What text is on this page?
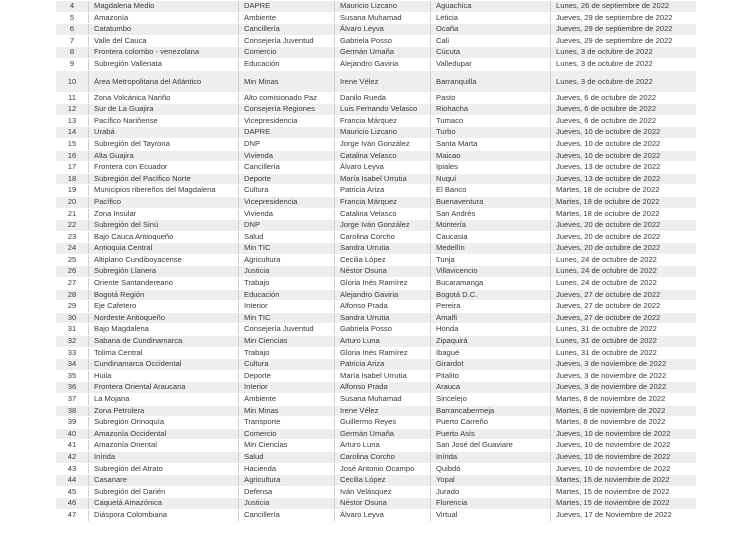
4	Magdalena Medio	DAPRE	Mauricio Lizcano	Aguachica	Lunes, 26 de septiembre de 2022
5	Amazonía	Ambiente	Susana Muhamad	Leticia	Jueves, 29 de septiembre de 2022
6	Catatumbo	Cancillería	Álvaro Leyva	Ocaña	Jueves, 29 de septiembre de 2022
7	Valle del Cauca	Consejería Juventud	Gabriela Posso	Cali	Jueves, 29 de septiembre de 2022
8	Frontera colombo - venezolana	Comercio	Germán Umaña	Cúcuta	Lunes, 3 de octubre de 2022
9	Subregión Vallenata	Educación	Alejandro Gaviria	Valledupar	Lunes, 3 de octubre de 2022
10	Área Metropolitana del Atlántico	Min Minas	Irene Vélez	Barranquilla	Lunes, 3 de octubre de 2022
11	Zona Volcánica Nariño	Alto comisionado Paz	Danilo Rueda	Pasto	Jueves, 6 de octubre de 2022
12	Sur de La Guajira	Consejería Regiones	Luis Fernando Velasco	Riohacha	Jueves, 6 de octubre de 2022
13	Pacífico Nariñense	Vicepresidencia	Francia Márquez	Tumaco	Jueves, 6 de octubre de 2022
14	Urabá	DAPRE	Mauricio Lizcano	Turbo	Jueves, 10 de octubre de 2022
15	Subregión del Tayrona	DNP	Jorge Iván González	Santa Marta	Jueves, 10 de octubre de 2022
16	Alta Guajira	Vivienda	Catalina Velasco	Maicao	Jueves, 10 de octubre de 2022
17	Frontera con Ecuador	Cancillería	Álvaro Leyva	Ipiales	Jueves, 13 de octubre de 2022
18	Subregión del Pacífico Norte	Deporte	María Isabel Urrutia	Nuquí	Jueves, 13 de octubre de 2022
19	Municipios ribereños del Magdalena	Cultura	Patricia Ariza	El Banco	Martes, 18 de octubre de 2022
20	Pacífico	Vicepresidencia	Francia Márquez	Buenaventura	Martes, 18 de octubre de 2022
21	Zona Insular	Vivienda	Catalina Velasco	San Andrés	Martes, 18 de octubre de 2022
22	Subregión del Sinú	DNP	Jorge Iván González	Montería	Jueves, 20 de octubre de 2022
23	Bajo Cauca Antioqueño	Salud	Carolina Corcho	Caucasia	Jueves, 20 de octubre de 2022
24	Antioquia Central	Min TIC	Sandra Urrutia	Medellín	Jueves, 20 de octubre de 2022
25	Altiplano Cundiboyacense	Agricultura	Cecilia López	Tunja	Lunes, 24 de octubre de 2022
26	Subregión Llanera	Justicia	Néstor Osuna	Villavicencio	Lunes, 24 de octubre de 2022
27	Oriente Santandereano	Trabajo	Gloria Inés Ramírez	Bucaramanga	Lunes, 24 de octubre de 2022
28	Bogotá Región	Educación	Alejandro Gaviria	Bogotá D.C.	Jueves, 27 de octubre de 2022
29	Eje Cafetero	Interior	Alfonso Prada	Pereira	Jueves, 27 de octubre de 2022
30	Nordeste Antioqueño	Min TIC	Sandra Urrutia	Amalfi	Jueves, 27 de octubre de 2022
31	Bajo Magdalena	Consejería Juventud	Gabriela Posso	Honda	Lunes, 31 de octubre de 2022
32	Sabana de Cundinamarca	Min Ciencias	Arturo Luna	Zipaquirá	Lunes, 31 de octubre de 2022
33	Tolima Central	Trabajo	Gloria Inés Ramírez	Ibagué	Lunes, 31 de octubre de 2022
34	Cundinamarca Occidental	Cultura	Patricia Ariza	Girardot	Jueves, 3 de noviembre de 2022
35	Huila	Deporte	María Isabel Urrutia	Pitalito	Jueves, 3 de noviembre de 2022
36	Frontera Oriental Araucana	Interior	Alfonso Prada	Arauca	Jueves, 3 de noviembre de 2022
37	La Mojana	Ambiente	Susana Muhamad	Sincelejo	Martes, 8 de noviembre de 2022
38	Zona Petrolera	Min Minas	Irene Vélez	Barrancabermeja	Martes, 8 de noviembre de 2022
39	Subregión Orinoquía	Transporte	Guillermo Reyes	Puerto Carreño	Martes, 8 de noviembre de 2022
40	Amazonía Occidental	Comercio	Germán Umaña	Puerto Asís	Jueves, 10 de noviembre de 2022
41	Amazonía Oriental	Min Ciencias	Arturo Luna	San José del Guaviare	Jueves, 10 de noviembre de 2022
42	Inírida	Salud	Carolina Corcho	Inírida	Jueves, 10 de noviembre de 2022
43	Subregión del Atrato	Hacienda	José Antonio Ocampo	Quibdó	Jueves, 10 de noviembre de 2022
44	Casanare	Agricultura	Cecilia López	Yopal	Martes, 15 de noviembre de 2022
45	Subregión del Darién	Defensa	Iván Velásquez	Jurado	Martes, 15 de noviembre de 2022
46	Caquetá Amazónica	Justicia	Néstor Osuna	Florencia	Martes, 15 de noviembre de 2022
47	Diáspora Colombiana	Cancillería	Álvaro Leyva	Virtual	Jueves, 17 de Noviembre de 2022
